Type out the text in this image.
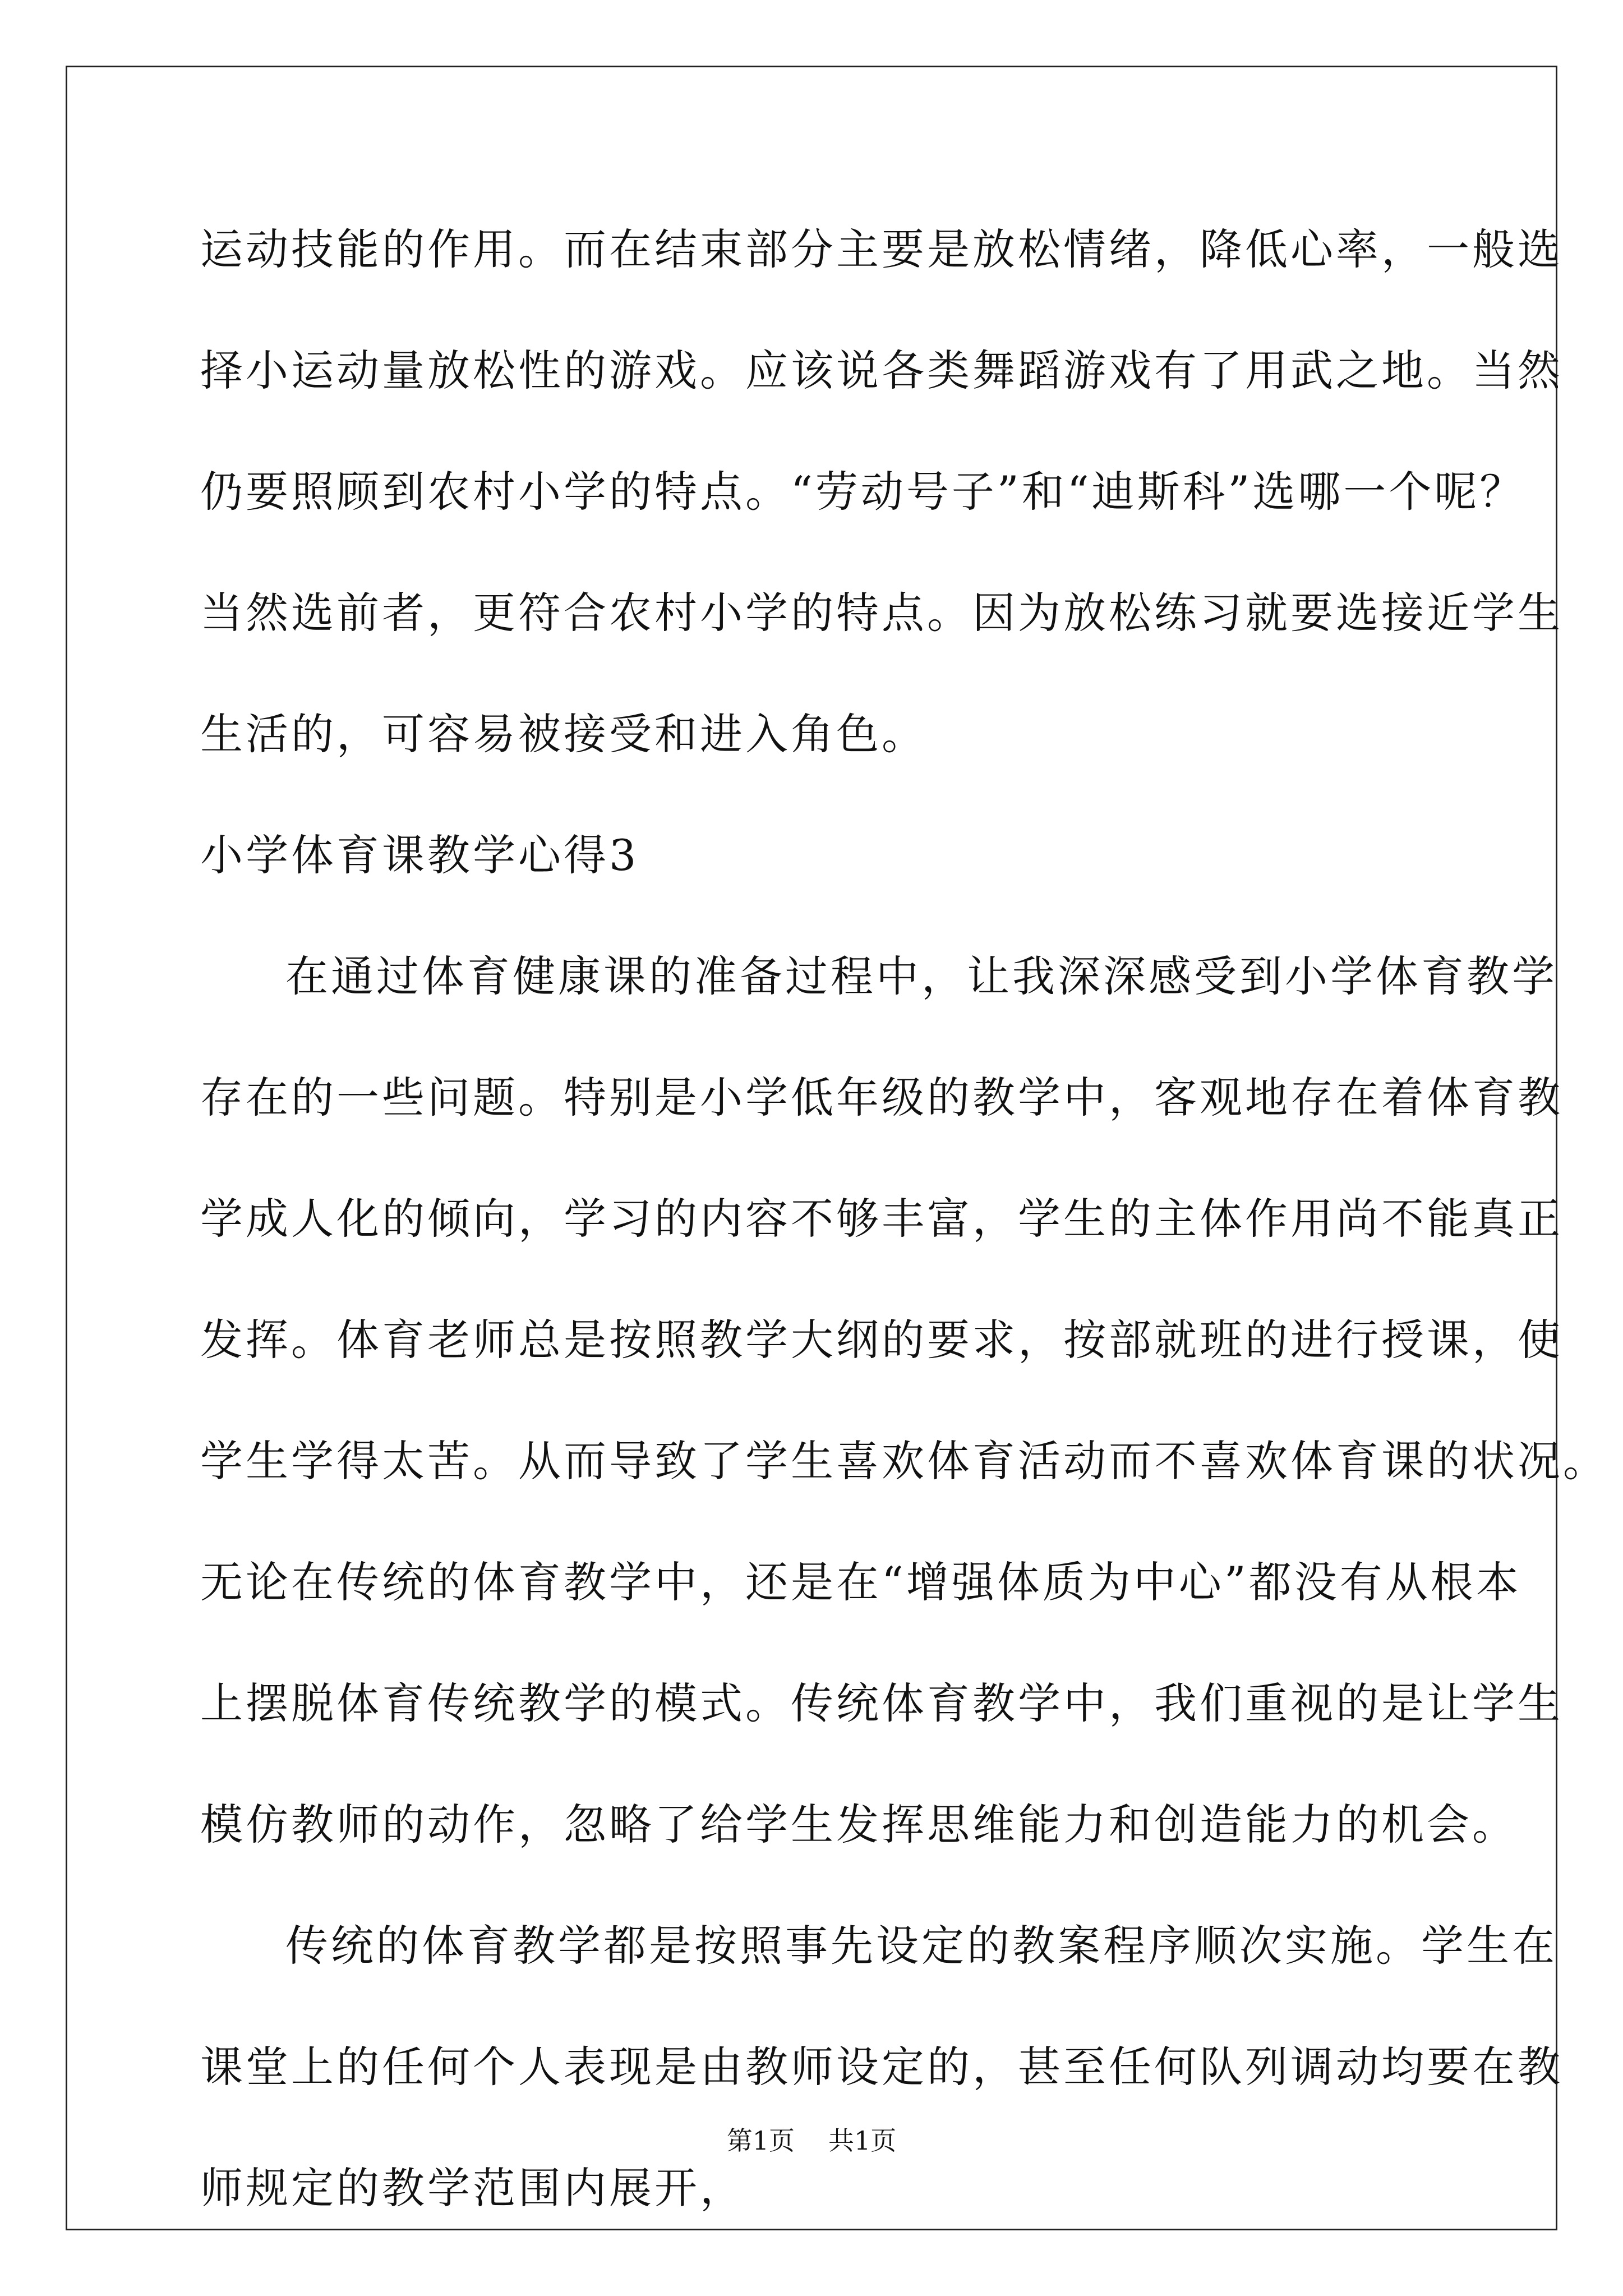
运动技能的作用。而在结束部分主要是放松情绪，降低心率，一般选
择小运动量放松性的游戏。应该说各类舞蹈游戏有了用武之地。当然
仍要照顾到农村小学的特点。“劳动号子”和“迪斯科”选哪一个呢？
当然选前者，更符合农村小学的特点。因为放松练习就要选接近学生
生活的，可容易被接受和进入角色。
小学体育课教学心得3
在通过体育健康课的准备过程中，让我深深感受到小学体育教学
存在的一些问题。特别是小学低年级的教学中，客观地存在着体育教
学成人化的倾向，学习的内容不够丰富，学生的主体作用尚不能真正
发挥。体育老师总是按照教学大纲的要求，按部就班的进行授课，使
学生学得太苦。从而导致了学生喜欢体育活动而不喜欢体育课的状况。
无论在传统的体育教学中，还是在“增强体质为中心”都没有从根本
上摆脱体育传统教学的模式。传统体育教学中，我们重视的是让学生
模仿教师的动作，忽略了给学生发挥思维能力和创造能力的机会。
传统的体育教学都是按照事先设定的教案程序顺次实施。学生在
课堂上的任何个人表现是由教师设定的，甚至任何队列调动均要在教
师规定的教学范围内展开，
第1页 共1页
